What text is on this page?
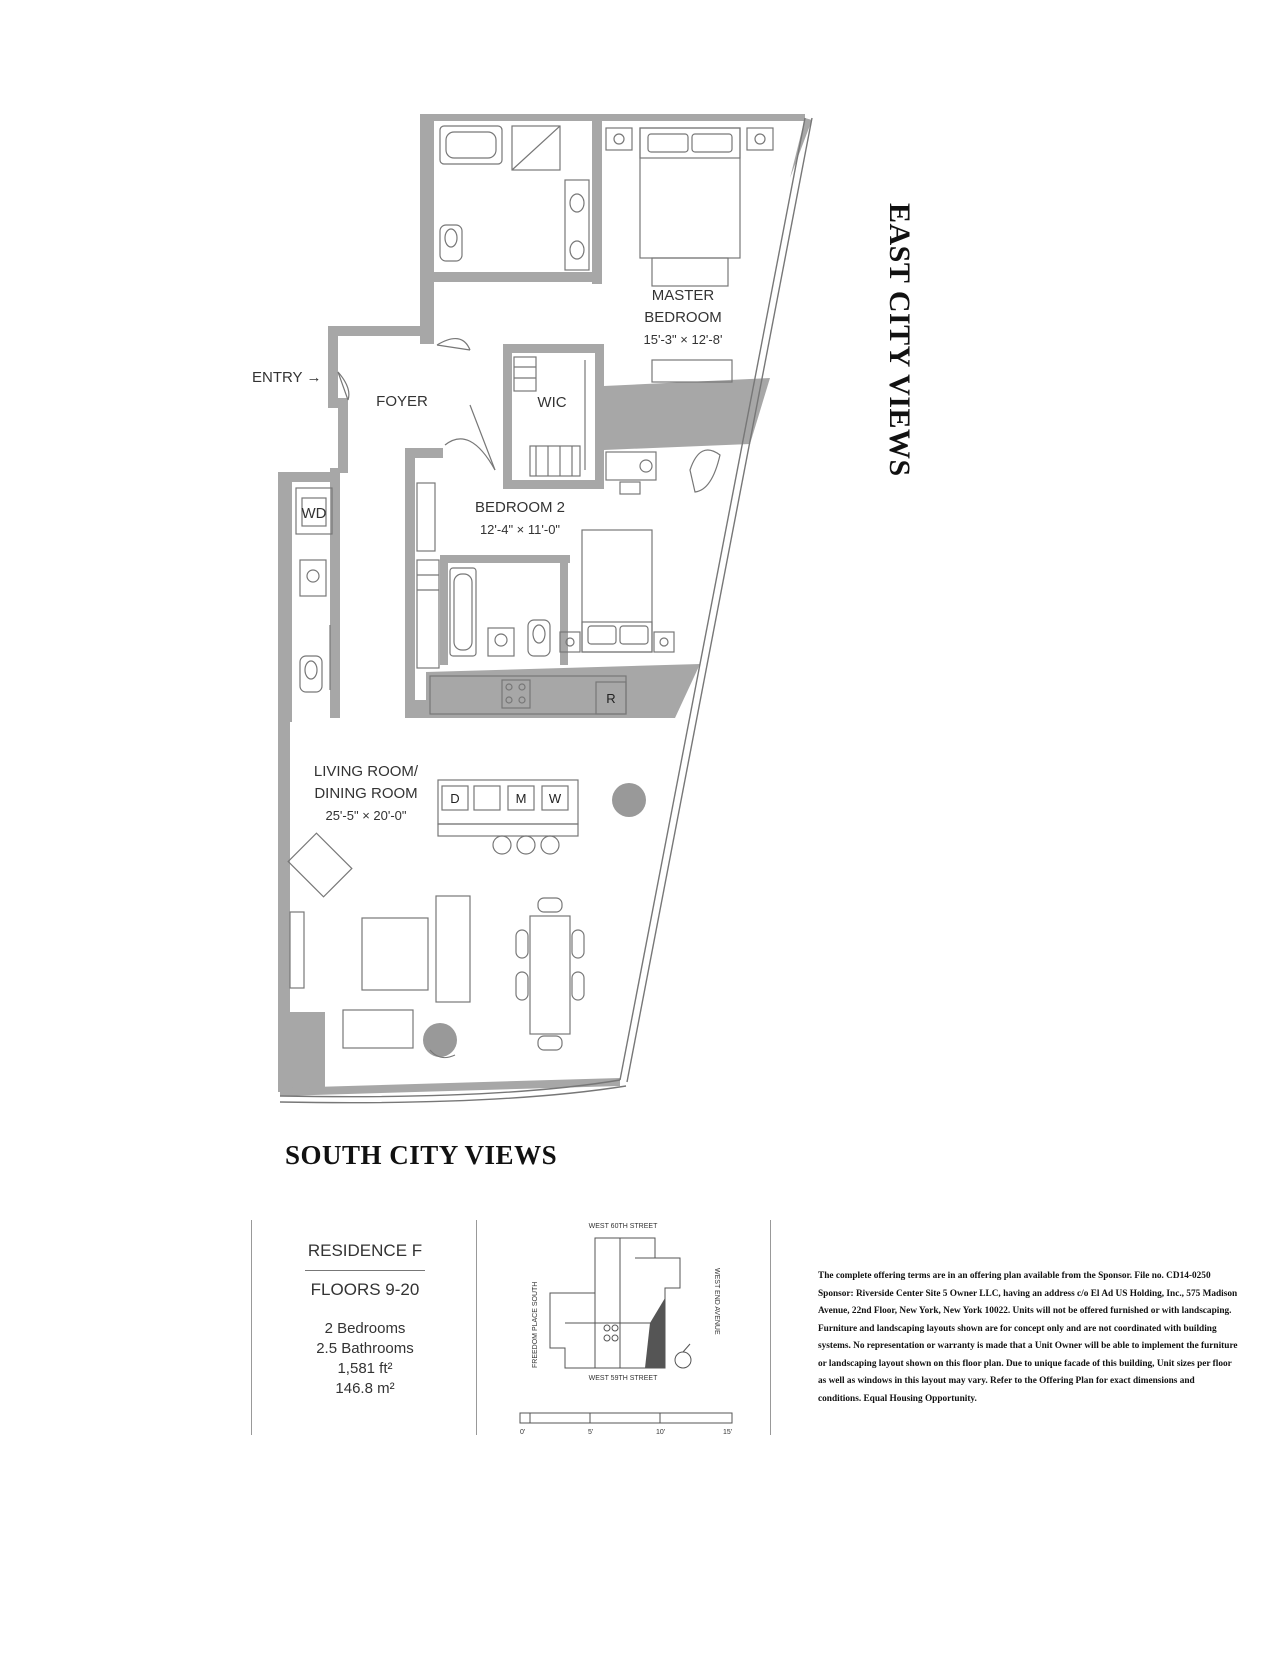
MASTER
BEDROOM
15'-3" × 12'-8'
ENTRY →
FOYER	WIC
BEDROOM 2
12'-4" × 11'-0"
WD
R
LIVING ROOM/
DINING ROOM
25'-5" × 20'-0"
D	M W
EAST CITY VIEWS
SOUTH CITY VIEWS
RESIDENCE F
FLOORS 9-20
2 Bedrooms
2.5 Bathrooms
1,581 ft²
146.8 m²
WEST 60TH STREET
WEST 59TH STREET
FREEDOM PLACE SOUTH	WEST END AVENUE
0'	5'	10'	15'
The complete offering terms are in an offering plan available from the Sponsor. File no. CD14-0250 Sponsor: Riverside Center Site 5 Owner LLC, having an address c/o El Ad US Holding, Inc., 575 Madison Avenue, 22nd Floor, New York, New York 10022. Units will not be offered furnished or with landscaping. Furniture and landscaping layouts shown are for concept only and are not coordinated with building systems. No representation or warranty is made that a Unit Owner will be able to implement the furniture or landscaping layout shown on this floor plan. Due to unique facade of this building, Unit sizes per floor as well as windows in this layout may vary. Refer to the Offering Plan for exact dimensions and conditions. Equal Housing Opportunity.
